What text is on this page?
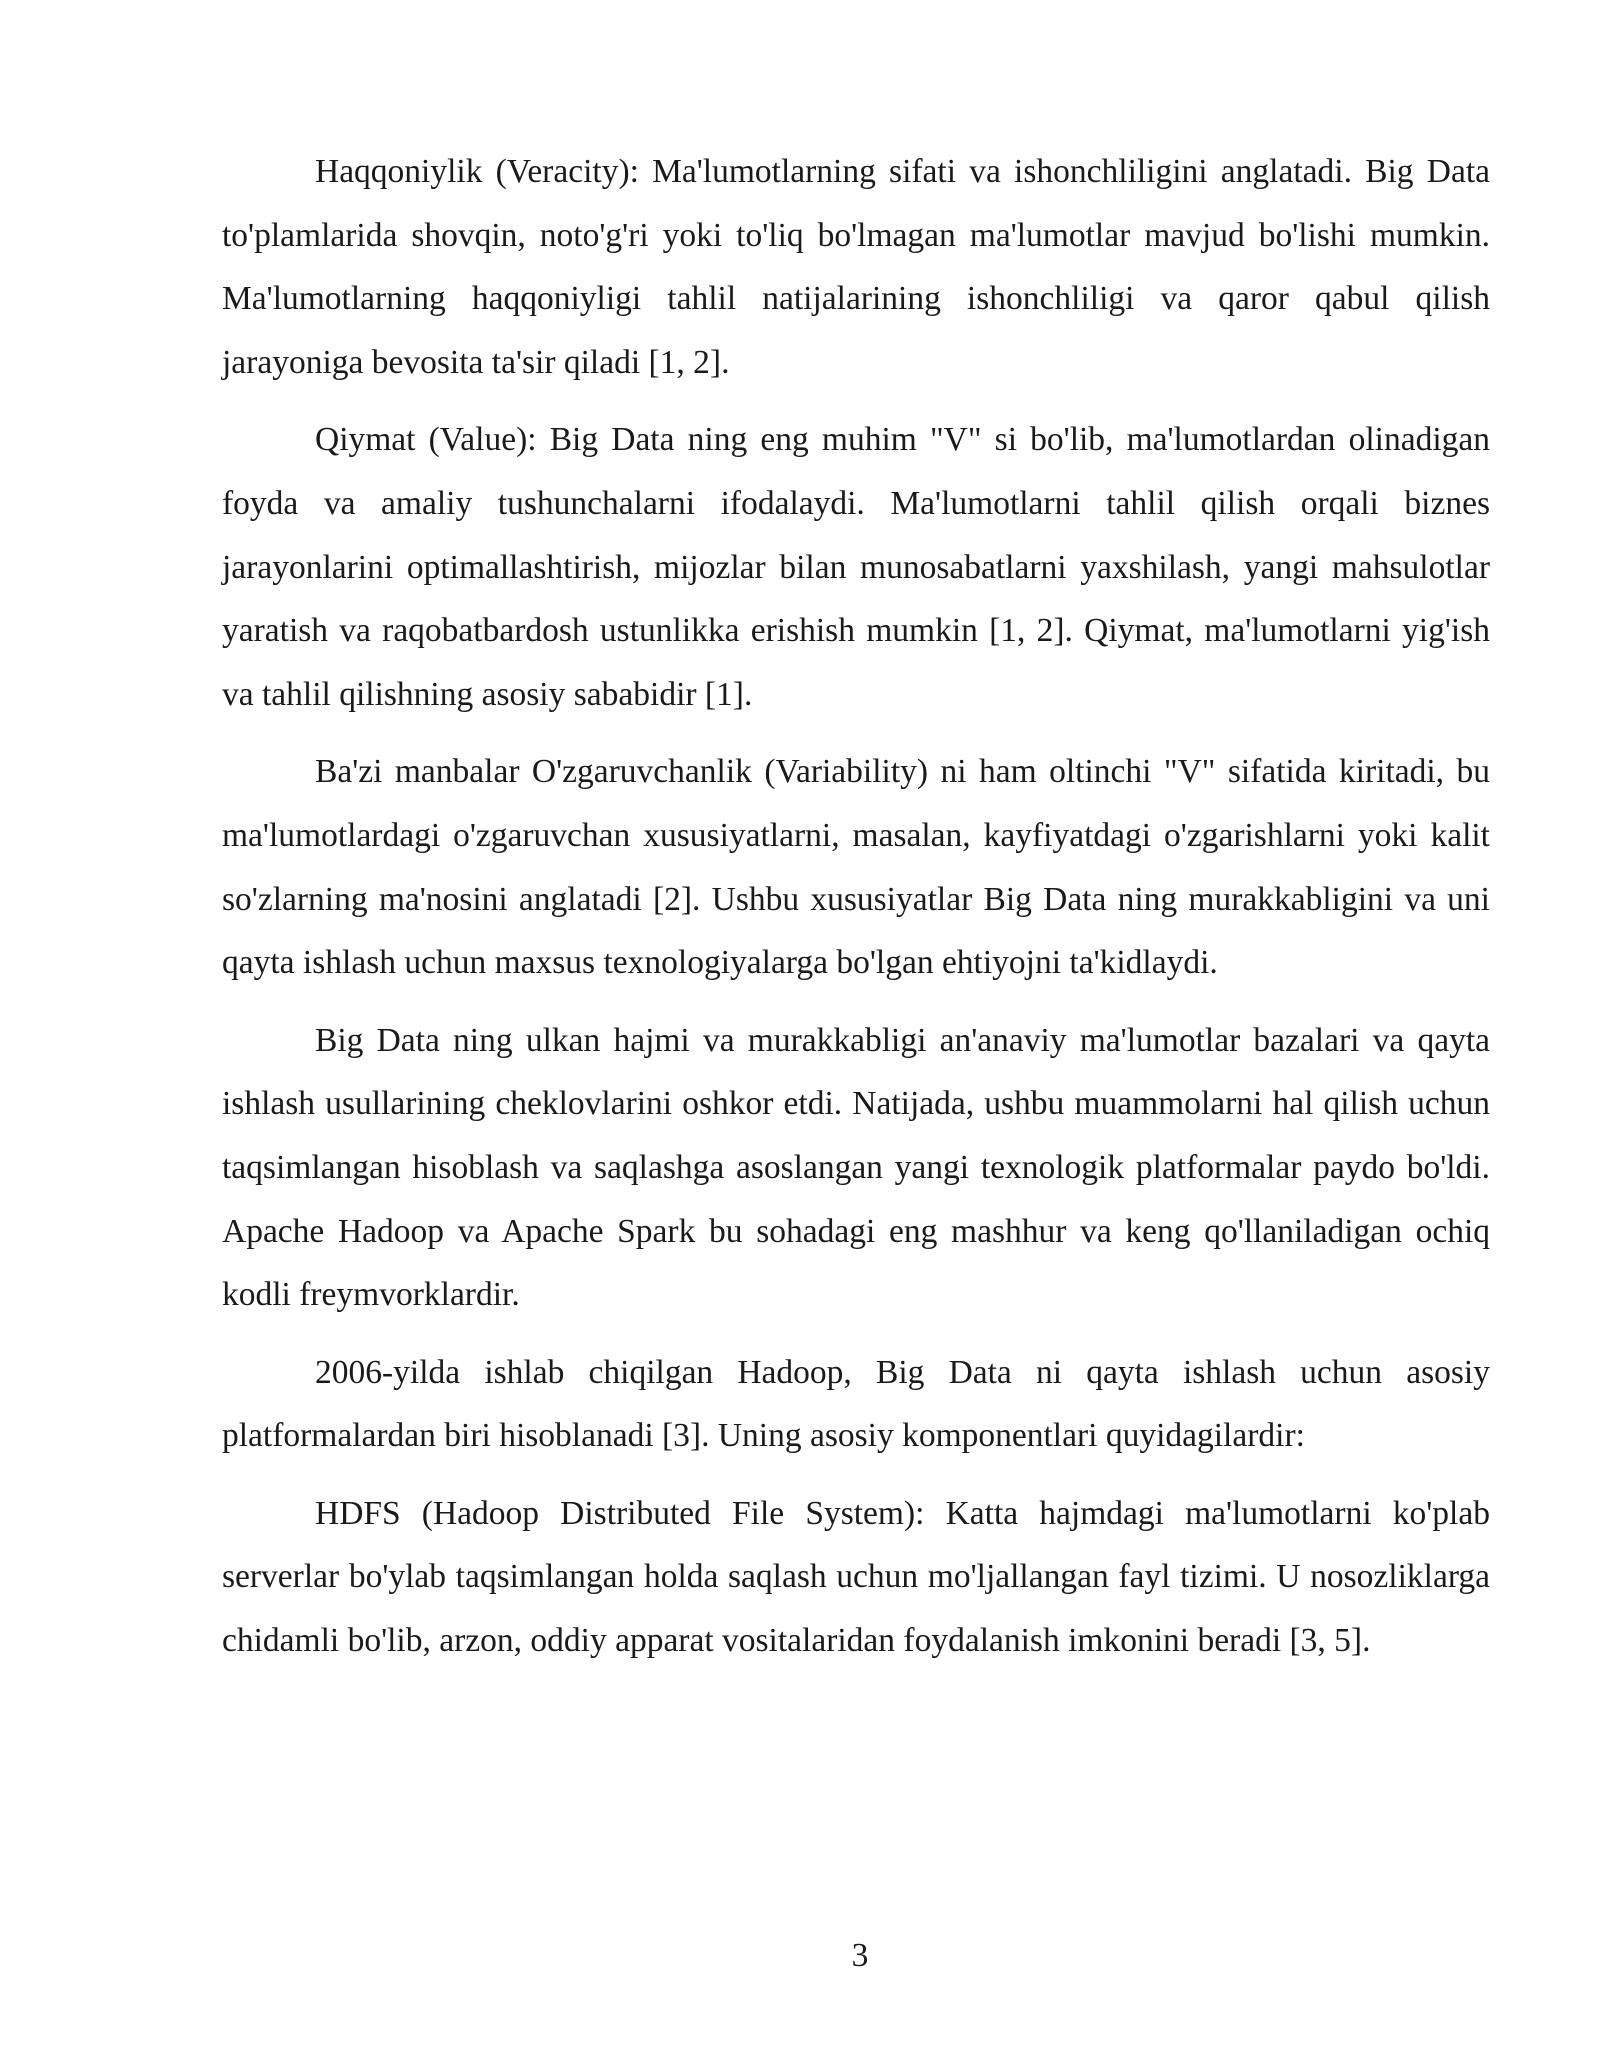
Haqqoniylik (Veracity): Ma'lumotlarning sifati va ishonchliligini anglatadi. Big Data to'plamlarida shovqin, noto'g'ri yoki to'liq bo'lmagan ma'lumotlar mavjud bo'lishi mumkin. Ma'lumotlarning haqqoniyligi tahlil natijalarining ishonchliligi va qaror qabul qilish jarayoniga bevosita ta'sir qiladi [1, 2].

Qiymat (Value): Big Data ning eng muhim "V" si bo'lib, ma'lumotlardan olinadigan foyda va amaliy tushunchalarni ifodalaydi. Ma'lumotlarni tahlil qilish orqali biznes jarayonlarini optimallashtirish, mijozlar bilan munosabatlarni yaxshilash, yangi mahsulotlar yaratish va raqobatbardosh ustunlikka erishish mumkin [1, 2]. Qiymat, ma'lumotlarni yig'ish va tahlil qilishning asosiy sababidir [1].

Ba'zi manbalar O'zgaruvchanlik (Variability) ni ham oltinchi "V" sifatida kiritadi, bu ma'lumotlardagi o'zgaruvchan xususiyatlarni, masalan, kayfiyatdagi o'zgarishlarni yoki kalit so'zlarning ma'nosini anglatadi [2]. Ushbu xususiyatlar Big Data ning murakkabligini va uni qayta ishlash uchun maxsus texnologiyalarga bo'lgan ehtiyojni ta'kidlaydi.

Big Data ning ulkan hajmi va murakkabligi an'anaviy ma'lumotlar bazalari va qayta ishlash usullarining cheklovlarini oshkor etdi. Natijada, ushbu muammolarni hal qilish uchun taqsimlangan hisoblash va saqlashga asoslangan yangi texnologik platformalar paydo bo'ldi. Apache Hadoop va Apache Spark bu sohadagi eng mashhur va keng qo'llaniladigan ochiq kodli freymvorklardir.

2006-yilda ishlab chiqilgan Hadoop, Big Data ni qayta ishlash uchun asosiy platformalardan biri hisoblanadi [3]. Uning asosiy komponentlari quyidagilardir:

HDFS (Hadoop Distributed File System): Katta hajmdagi ma'lumotlarni ko'plab serverlar bo'ylab taqsimlangan holda saqlash uchun mo'ljallangan fayl tizimi. U nosozliklarga chidamli bo'lib, arzon, oddiy apparat vositalaridan foydalanish imkonini beradi [3, 5].

3
